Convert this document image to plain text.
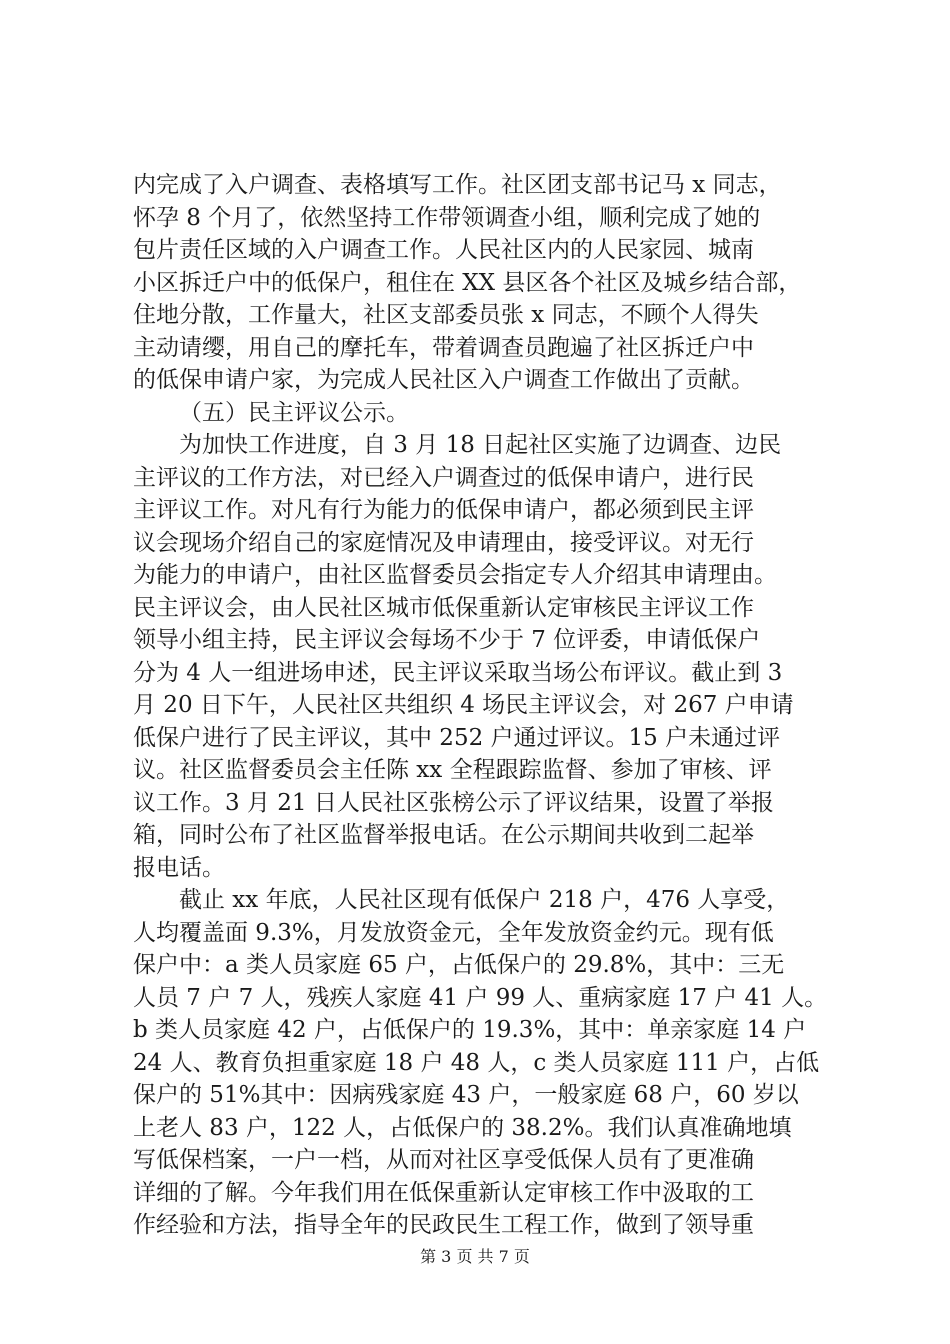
内完成了入户调查、表格填写工作。社区团支部书记马 x 同志，
怀孕 8 个月了，依然坚持工作带领调查小组，顺利完成了她的
包片责任区域的入户调查工作。人民社区内的人民家园、城南
小区拆迁户中的低保户，租住在 XX 县区各个社区及城乡结合部，
住地分散，工作量大，社区支部委员张 x 同志，不顾个人得失
主动请缨，用自己的摩托车，带着调查员跑遍了社区拆迁户中
的低保申请户家，为完成人民社区入户调查工作做出了贡献。
（五）民主评议公示。
为加快工作进度，自 3 月 18 日起社区实施了边调查、边民
主评议的工作方法，对已经入户调查过的低保申请户，进行民
主评议工作。对凡有行为能力的低保申请户，都必须到民主评
议会现场介绍自己的家庭情况及申请理由，接受评议。对无行
为能力的申请户，由社区监督委员会指定专人介绍其申请理由。
民主评议会，由人民社区城市低保重新认定审核民主评议工作
领导小组主持，民主评议会每场不少于 7 位评委，申请低保户
分为 4 人一组进场申述，民主评议采取当场公布评议。截止到 3
月 20 日下午，人民社区共组织 4 场民主评议会，对 267 户申请
低保户进行了民主评议，其中 252 户通过评议。15 户未通过评
议。社区监督委员会主任陈 xx 全程跟踪监督、参加了审核、评
议工作。3 月 21 日人民社区张榜公示了评议结果，设置了举报
箱，同时公布了社区监督举报电话。在公示期间共收到二起举
报电话。
截止 xx 年底，人民社区现有低保户 218 户，476 人享受，
人均覆盖面 9.3%，月发放资金元，全年发放资金约元。现有低
保户中：a 类人员家庭 65 户，占低保户的 29.8%，其中：三无
人员 7 户 7 人，残疾人家庭 41 户 99 人、重病家庭 17 户 41 人。
b 类人员家庭 42 户，占低保户的 19.3%，其中：单亲家庭 14 户
24 人、教育负担重家庭 18 户 48 人，c 类人员家庭 111 户，占低
保户的 51%其中：因病残家庭 43 户，一般家庭 68 户，60 岁以
上老人 83 户，122 人，占低保户的 38.2%。我们认真准确地填
写低保档案，一户一档，从而对社区享受低保人员有了更准确
详细的了解。今年我们用在低保重新认定审核工作中汲取的工
作经验和方法，指导全年的民政民生工程工作，做到了领导重
第 3 页 共 7 页
